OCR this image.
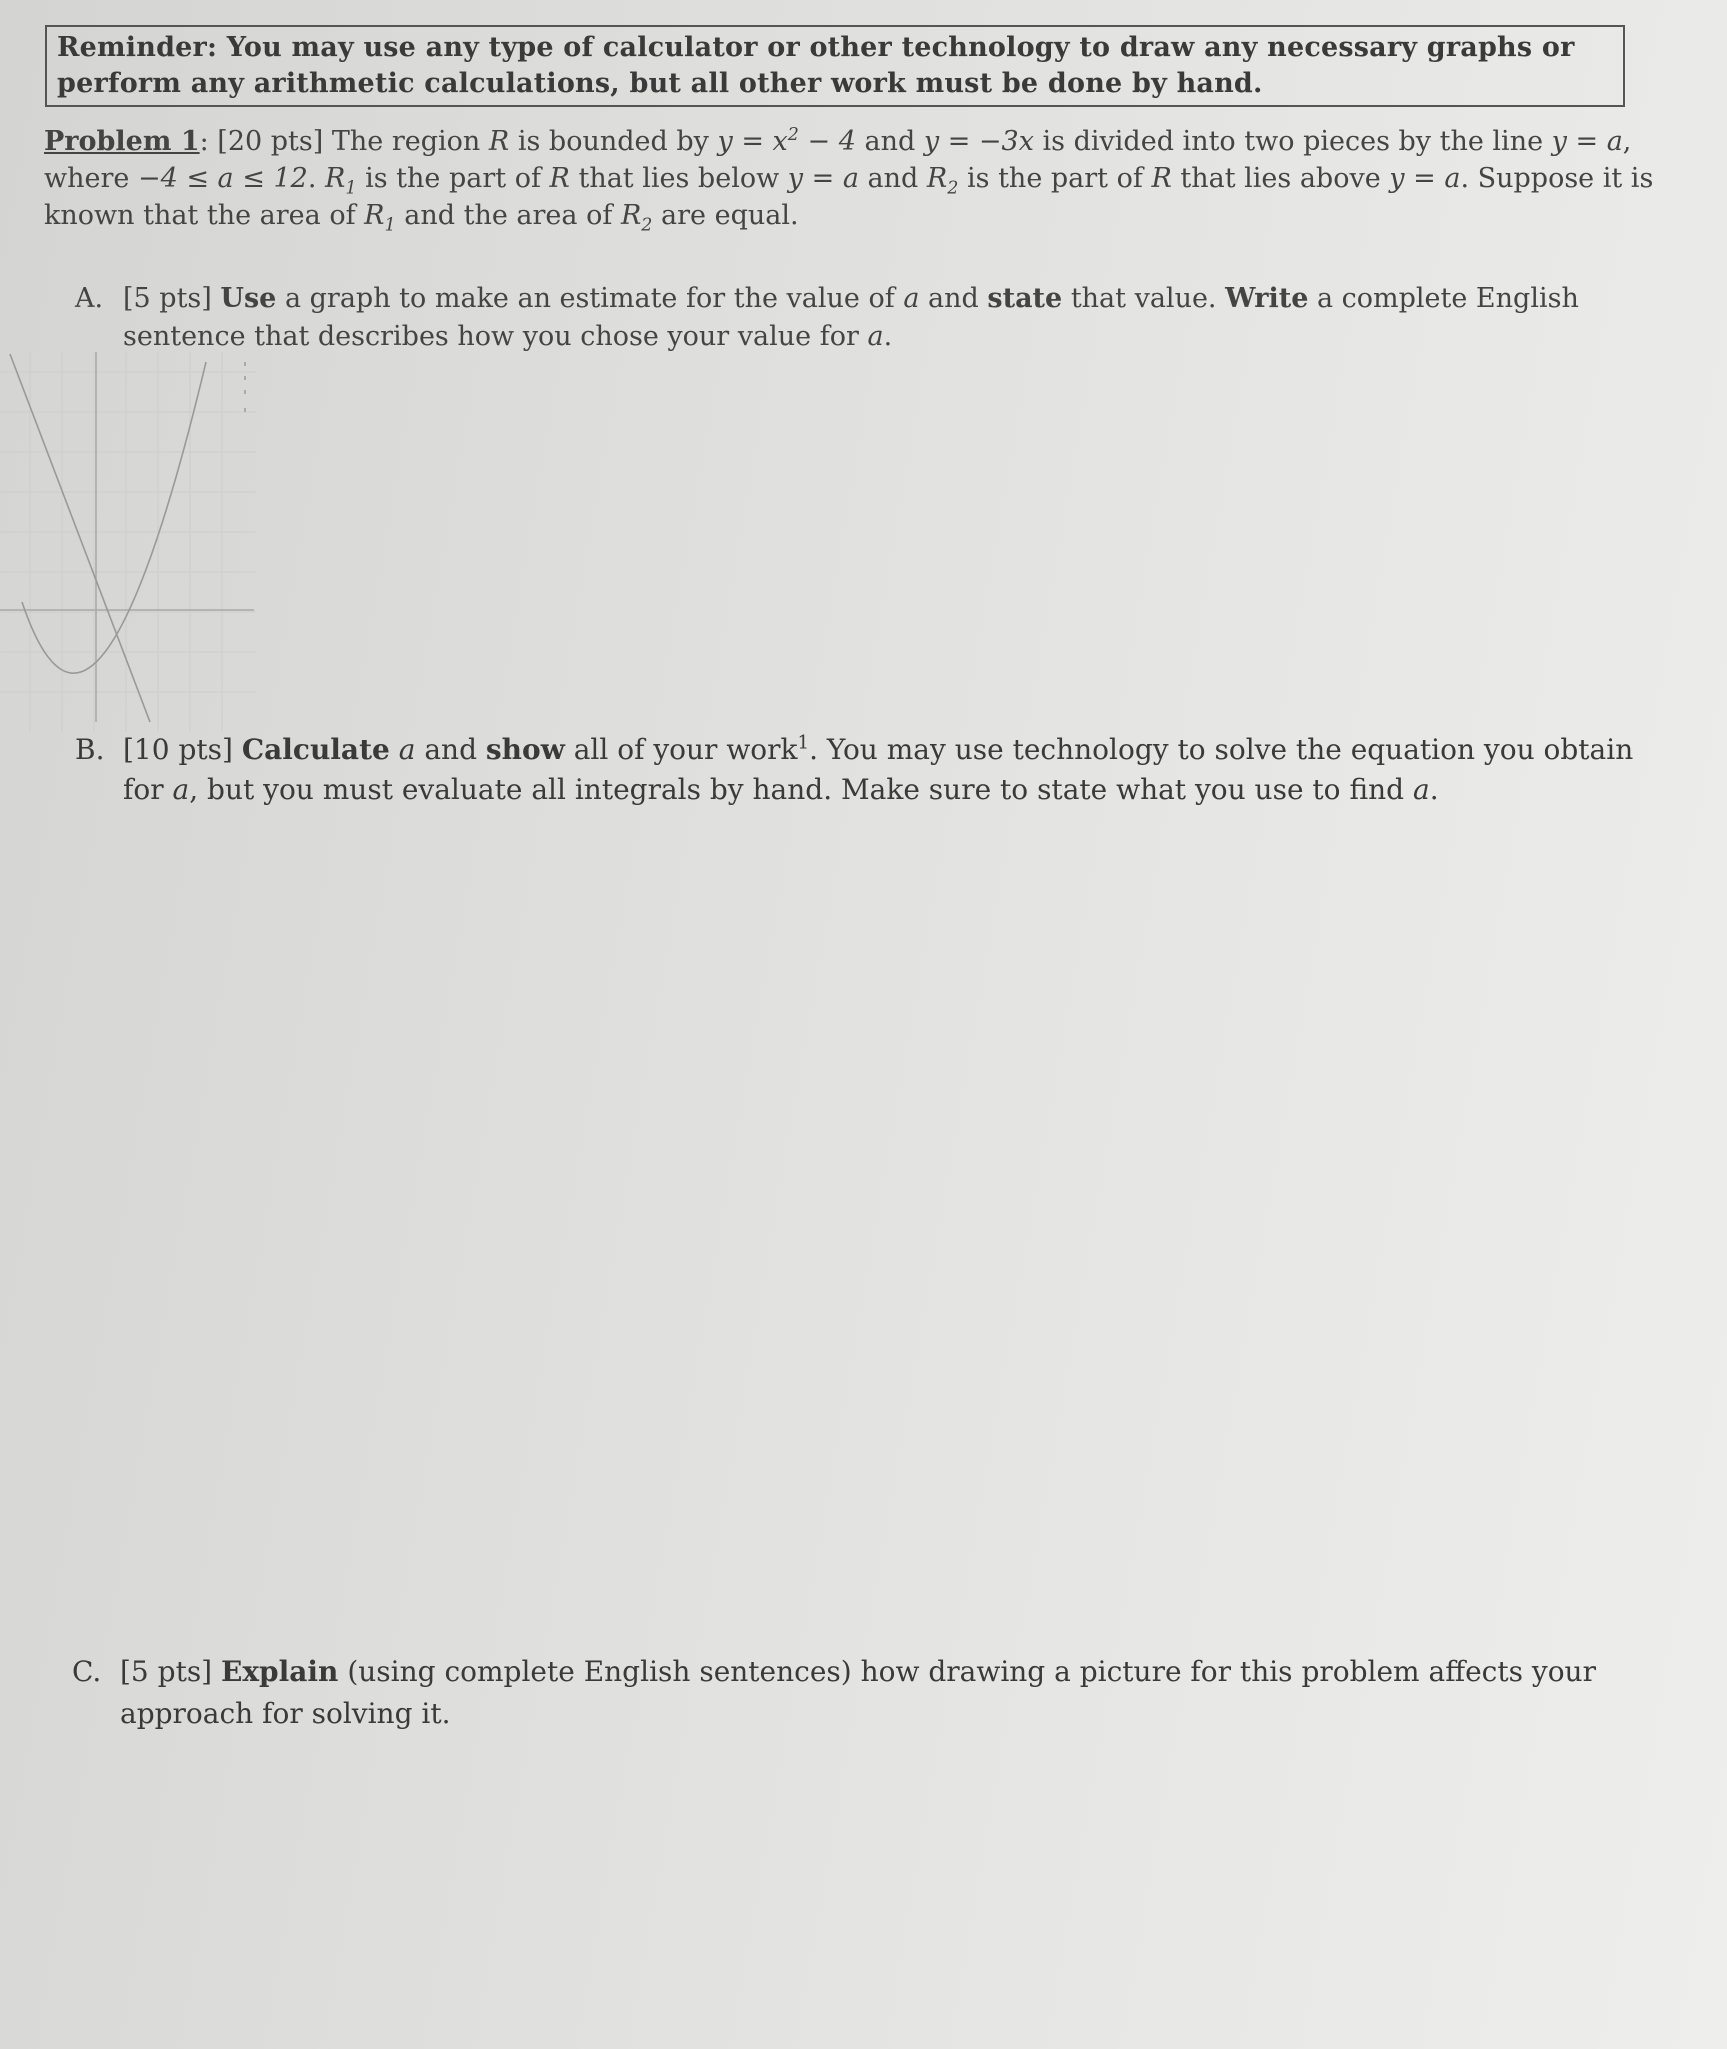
Reminder: You may use any type of calculator or other technology to draw any necessary graphs or perform any arithmetic calculations, but all other work must be done by hand.
Problem 1: [20 pts] The region R is bounded by $y = x^2 - 4$ and y = −3x is divided into two pieces by the line y = a, where −4 ≤ a ≤ 12. $R_1$ is the part of R that lies below y = a and $R_2$ is the part of R that lies above y = a. Suppose it is known that the area of $R_1$ and the area of $R_2$ are equal.
A. [5 pts] Use a graph to make an estimate for the value of a and state that value. Write a complete English sentence that describes how you chose your value for a.
B. [10 pts] Calculate a and show all of your work$^1$. You may use technology to solve the equation you obtain for a, but you must evaluate all integrals by hand. Make sure to state what you use to find a.
C. [5 pts] Explain (using complete English sentences) how drawing a picture for this problem affects your approach for solving it.
